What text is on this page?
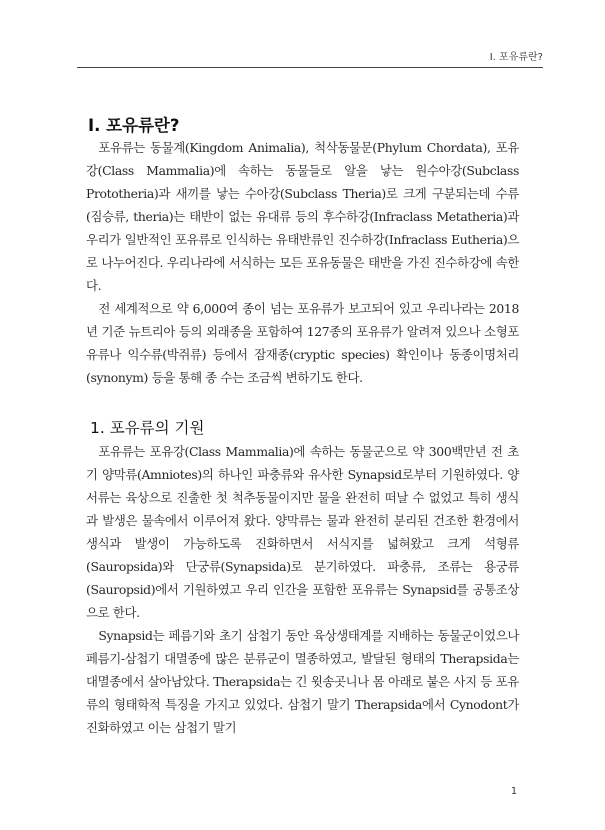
I. 포유류란?
Ⅰ. 포유류란?

포유류는 동물계(Kingdom Animalia), 척삭동물문(Phylum Chordata), 포유강(Class Mammalia)에 속하는 동물들로 알을 낳는 원수아강(Subclass Prototheria)과 새끼를 낳는 수아강(Subclass Theria)로 크게 구분되는데 수류(짐승류, theria)는 태반이 없는 유대류 등의 후수하강(Infraclass Metatheria)과 우리가 일반적인 포유류로 인식하는 유태반류인 진수하강(Infraclass Eutheria)으로 나누어진다. 우리나라에 서식하는 모든 포유동물은 태반을 가진 진수하강에 속한다.

전 세계적으로 약 6,000여 종이 넘는 포유류가 보고되어 있고 우리나라는 2018년 기준 뉴트리아 등의 외래종을 포함하여 127종의 포유류가 알려져 있으나 소형포유류나 익수류(박쥐류) 등에서 잠재종(cryptic species) 확인이나 동종이명처리(synonym) 등을 통해 종 수는 조금씩 변하기도 한다.

1. 포유류의 기원

포유류는 포유강(Class Mammalia)에 속하는 동물군으로 약 300백만년 전 초기 양막류(Amniotes)의 하나인 파충류와 유사한 Synapsid로부터 기원하였다. 양서류는 육상으로 진출한 첫 척추동물이지만 물을 완전히 떠날 수 없었고 특히 생식과 발생은 물속에서 이루어져 왔다. 양막류는 물과 완전히 분리된 건조한 환경에서 생식과 발생이 가능하도록 진화하면서 서식지를 넓혀왔고 크게 석형류(Sauropsida)와 단궁류(Synapsida)로 분기하였다. 파충류, 조류는 용궁류(Sauropsid)에서 기원하였고 우리 인간을 포함한 포유류는 Synapsid를 공통조상으로 한다.

Synapsid는 페름기와 초기 삼첩기 동안 육상생태계를 지배하는 동물군이었으나 페름기-삼첩기 대멸종에 많은 분류군이 멸종하였고, 발달된 형태의 Therapsida는 대멸종에서 살아남았다. Therapsida는 긴 윗송곳니나 몸 아래로 붙은 사지 등 포유류의 형태학적 특징을 가지고 있었다. 삼첩기 말기 Therapsida에서 Cynodont가 진화하였고 이는 삼첩기 말기

1
